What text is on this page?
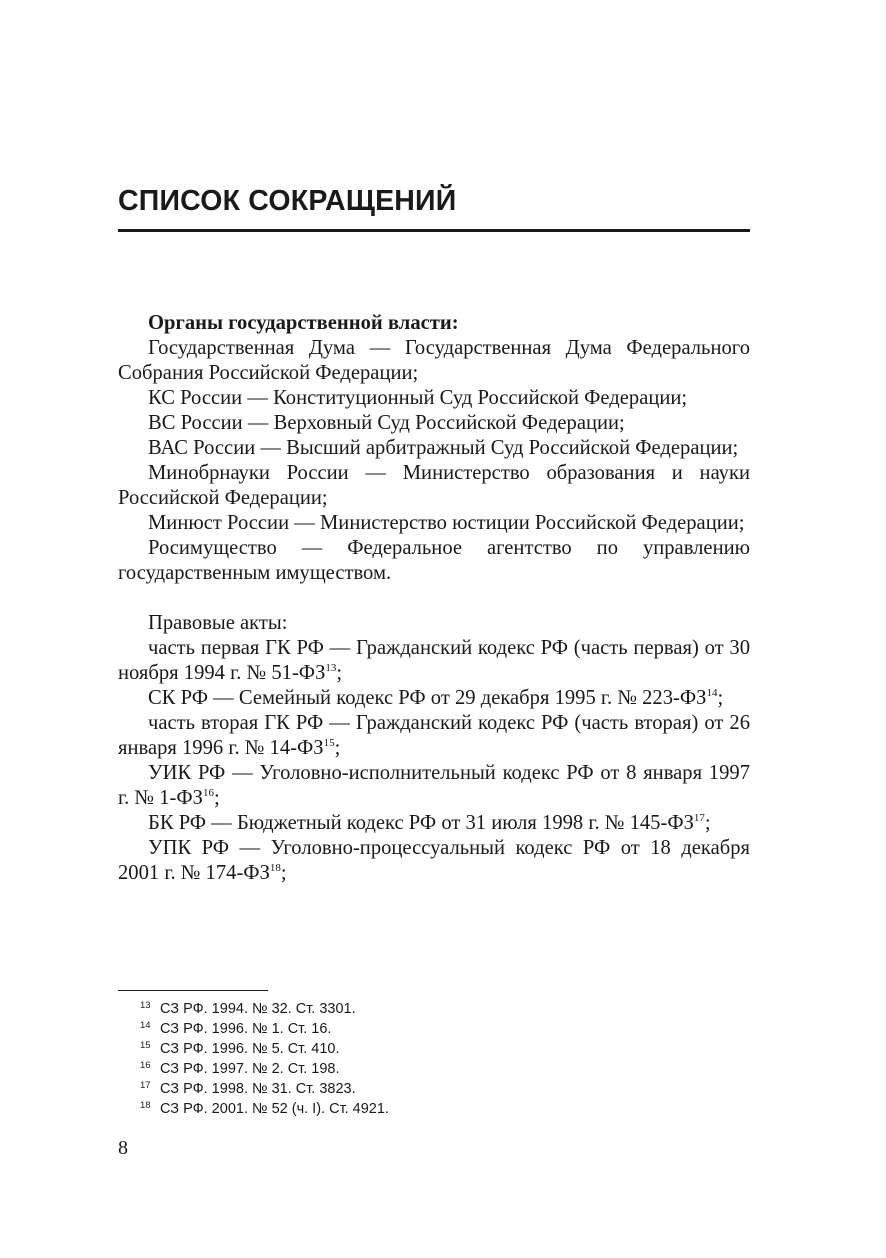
СПИСОК СОКРАЩЕНИЙ

Органы государственной власти:

Государственная Дума — Государственная Дума Федерального Собрания Российской Федерации;

КС России — Конституционный Суд Российской Федерации;

ВС России — Верховный Суд Российской Федерации;

ВАС России — Высший арбитражный Суд Российской Федерации;

Минобрнауки России — Министерство образования и науки Российской Федерации;

Минюст России — Министерство юстиции Российской Федерации;

Росимущество — Федеральное агентство по управлению государственным имуществом.

Правовые акты:

часть первая ГК РФ — Гражданский кодекс РФ (часть первая) от 30 ноября 1994 г. № 51-ФЗ$^{13}$;

СК РФ — Семейный кодекс РФ от 29 декабря 1995 г. № 223-ФЗ$^{14}$;

часть вторая ГК РФ — Гражданский кодекс РФ (часть вторая) от 26 января 1996 г. № 14-ФЗ$^{15}$;

УИК РФ — Уголовно-исполнительный кодекс РФ от 8 января 1997 г. № 1-ФЗ$^{16}$;

БК РФ — Бюджетный кодекс РФ от 31 июля 1998 г. № 145-ФЗ$^{17}$;

УПК РФ — Уголовно-процессуальный кодекс РФ от 18 декабря 2001 г. № 174-ФЗ$^{18}$;

13 СЗ РФ. 1994. № 32. Ст. 3301.
14 СЗ РФ. 1996. № 1. Ст. 16.
15 СЗ РФ. 1996. № 5. Ст. 410.
16 СЗ РФ. 1997. № 2. Ст. 198.
17 СЗ РФ. 1998. № 31. Ст. 3823.
18 СЗ РФ. 2001. № 52 (ч. I). Ст. 4921.
8
